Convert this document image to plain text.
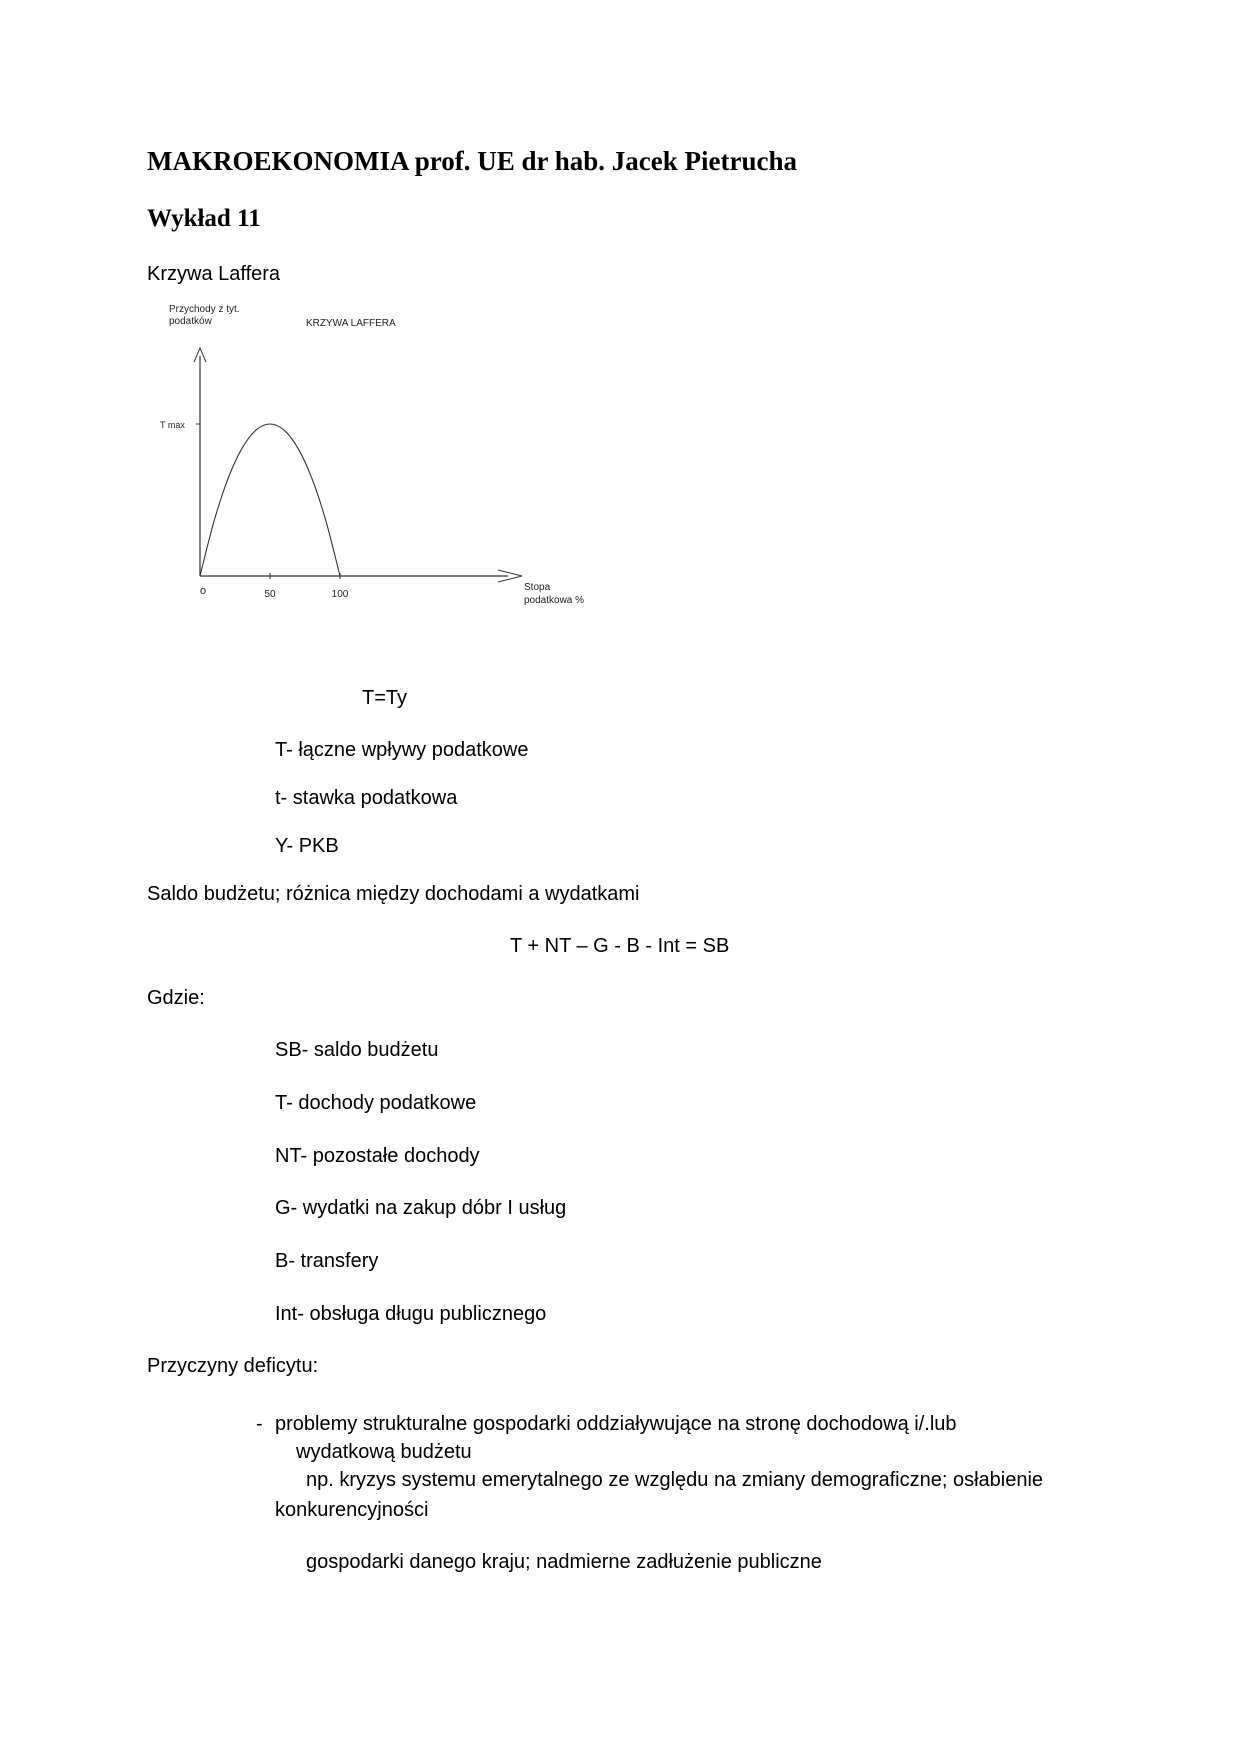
MAKROEKONOMIA prof. UE dr hab. Jacek Pietrucha
Wykład 11

Krzywa Laffera

Przychody z tyt.
podatków	KRZYWA LAFFERA
T max
o	50	100
Stopa
podatkowa %

T=Ty

T- łączne wpływy podatkowe

t- stawka podatkowa

Y- PKB

Saldo budżetu; różnica między dochodami a wydatkami

T + NT – G - B - Int = SB

Gdzie:

SB- saldo budżetu

T- dochody podatkowe

NT- pozostałe dochody

G- wydatki na zakup dóbr I usług

B- transfery

Int- obsługa długu publicznego

Przyczyny deficytu:

- problemy strukturalne gospodarki oddziaływujące na stronę dochodową i/.lub

wydatkową budżetu

np. kryzys systemu emerytalnego ze względu na zmiany demograficzne; osłabienie

konkurencyjności

gospodarki danego kraju; nadmierne zadłużenie publiczne
